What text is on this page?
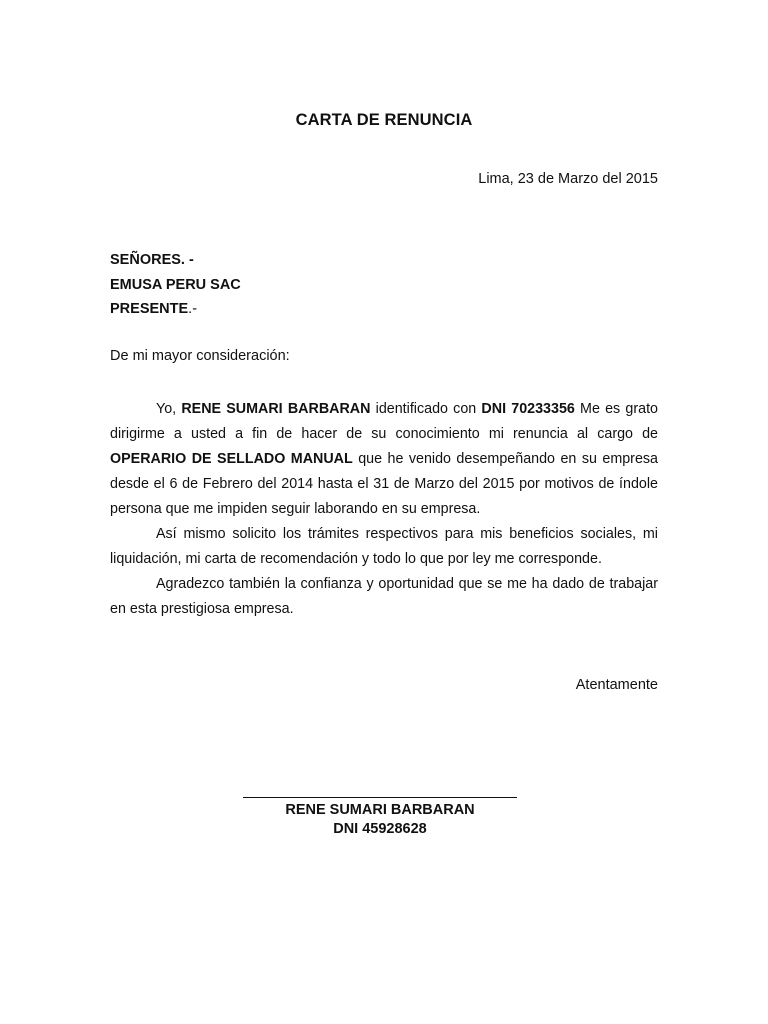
CARTA DE RENUNCIA
Lima, 23 de Marzo del 2015
SEÑORES. -
EMUSA PERU SAC
PRESENTE.-
De mi mayor consideración:

Yo, RENE SUMARI BARBARAN identificado con DNI 70233356 Me es grato dirigirme a usted a fin de hacer de su conocimiento mi renuncia al cargo de OPERARIO DE SELLADO MANUAL que he venido desempeñando en su empresa desde el 6 de Febrero del 2014 hasta el 31 de Marzo del 2015 por motivos de índole persona que me impiden seguir laborando en su empresa.

Así mismo solicito los trámites respectivos para mis beneficios sociales, mi liquidación, mi carta de recomendación y todo lo que por ley me corresponde.

Agradezco también la confianza y oportunidad que se me ha dado de trabajar en esta prestigiosa empresa.

Atentamente
RENE SUMARI BARBARAN
DNI 45928628
